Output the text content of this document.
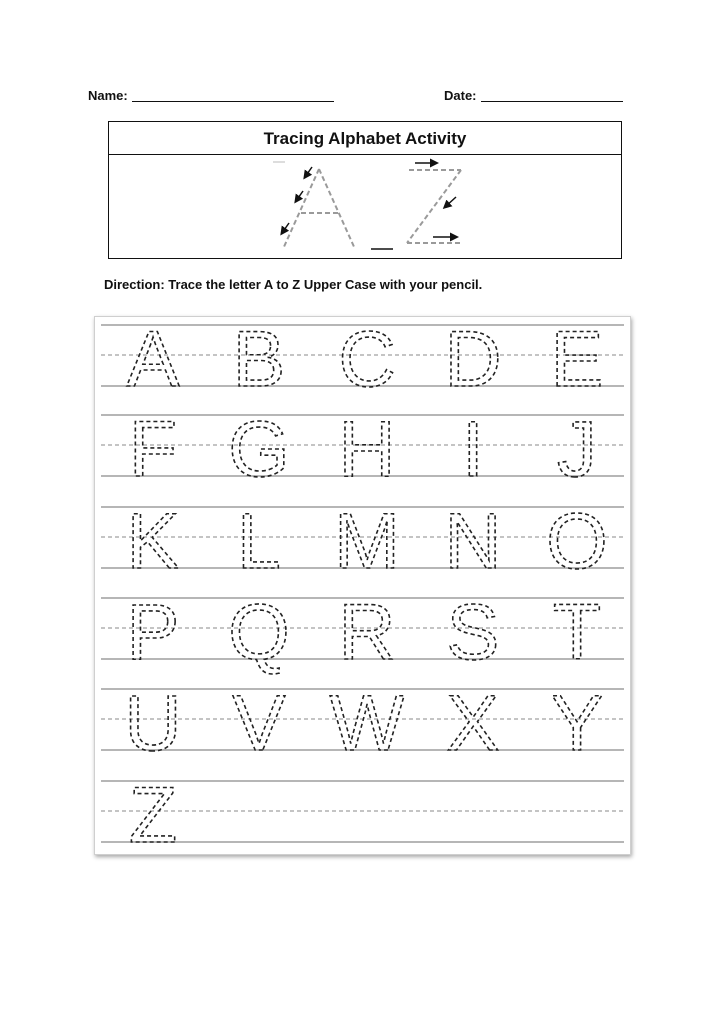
Name:	Date:
Tracing Alphabet Activity
Direction: Trace the letter A to Z Upper Case with your pencil.
A B C D E
F G H I J
K L M N O
P Q R S T
U V W X Y
Z
